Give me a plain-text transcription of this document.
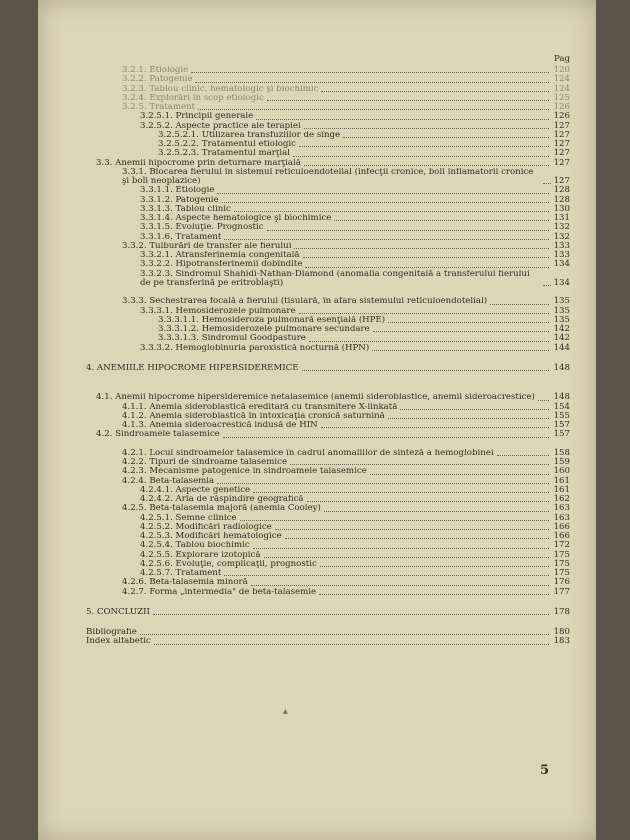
Pag
3.2.1. Etiologie	120
3.2.2. Patogenie	124
3.2.3. Tablou clinic, hematologic şi biochimic	124
3.2.4. Explorări în scop etiologic	125
3.2.5. Tratament	126
3.2.5.1. Principii generale	126
3.2.5.2. Aspecte practice ale terapiei	127
3.2.5.2.1. Utilizarea transfuziilor de sînge	127
3.2.5.2.2. Tratamentul etiologic	127
3.2.5.2.3. Tratamentul marţial	127
3.3. Anemii hipocrome prin deturnare marţială	127
3.3.1. Blocarea fierului în sistemul reticuloendotelial (infecţii cronice, boli inflamatorii cronice şi boli neoplazice)	127
3.3.1.1. Etiologie	128
3.3.1.2. Patogenie	128
3.3.1.3. Tablou clinic	130
3.3.1.4. Aspecte hematologice şi biochimice	131
3.3.1.5. Evoluţie. Prognostic	132
3.3.1.6. Tratament	132
3.3.2. Tulburări de transfer ale fierului	133
3.3.2.1. Atransferinemia congenitală	133
3.3.2.2. Hipotransferinemii dobîndite	134
3.3.2.3. Sindromul Shahidi-Nathan-Diamond (anomalia congenitală a transferului fierului de pe transferină pe eritroblaşti)	134
3.3.3. Sechestrarea focală a fierului (tisulară, în afara sistemului reticuloendotelial)	135
3.3.3.1. Hemosiderozele pulmonare	135
3.3.3.1.1. Hemosideroza pulmonară esenţială (HPE)	135
3.3.3.1.2. Hemosiderozele pulmonare secundare	142
3.3.3.1.3. Sindromul Goodpasture	142
3.3.3.2. Hemoglobinuria paroxistică nocturnă (HPN)	144
4. ANEMIILE HIPOCROME HIPERSIDEREMICE	148
4.1. Anemii hipocrome hipersideremice netalasemice (anemii sideroblastice, anemii sideroacrestice) 148
4.1.1. Anemia sideroblastică ereditară cu transmitere X-linkată	154
4.1.2. Anemia sideroblastică în intoxicaţia cronică saturnină	155
4.1.3. Anemia sideroacrestică indusă de HIN	157
4.2. Sindroamele talasemice	157
4.2.1. Locul sindroamelor talasemice în cadrul anomaliilor de sinteză a hemoglobinei	158
4.2.2. Tipuri de sindroame talasemice	159
4.2.3. Mecanisme patogenice în sindroamele talasemice	160
4.2.4. Beta-talasemia	161
4.2.4.1. Aspecte genetice	161
4.2.4.2. Aria de răspîndire geografică	162
4.2.5. Beta-talasemia majoră (anemia Cooley)	163
4.2.5.1. Semne clinice	163
4.2.5.2. Modificări radiologice	166
4.2.5.3. Modificări hematologice	166
4.2.5.4. Tablou biochimic	172
4.2.5.5. Explorare izotopică	175
4.2.5.6. Evoluţie, complicaţii, prognostic	175
4.2.5.7. Tratament	175
4.2.6. Beta-talasemia minoră	176
4.2.7. Forma „intermedia" de beta-talasemie	177
5. CONCLUZII	178
Bibliografie	180
Index alfabetic	183
▲
5
